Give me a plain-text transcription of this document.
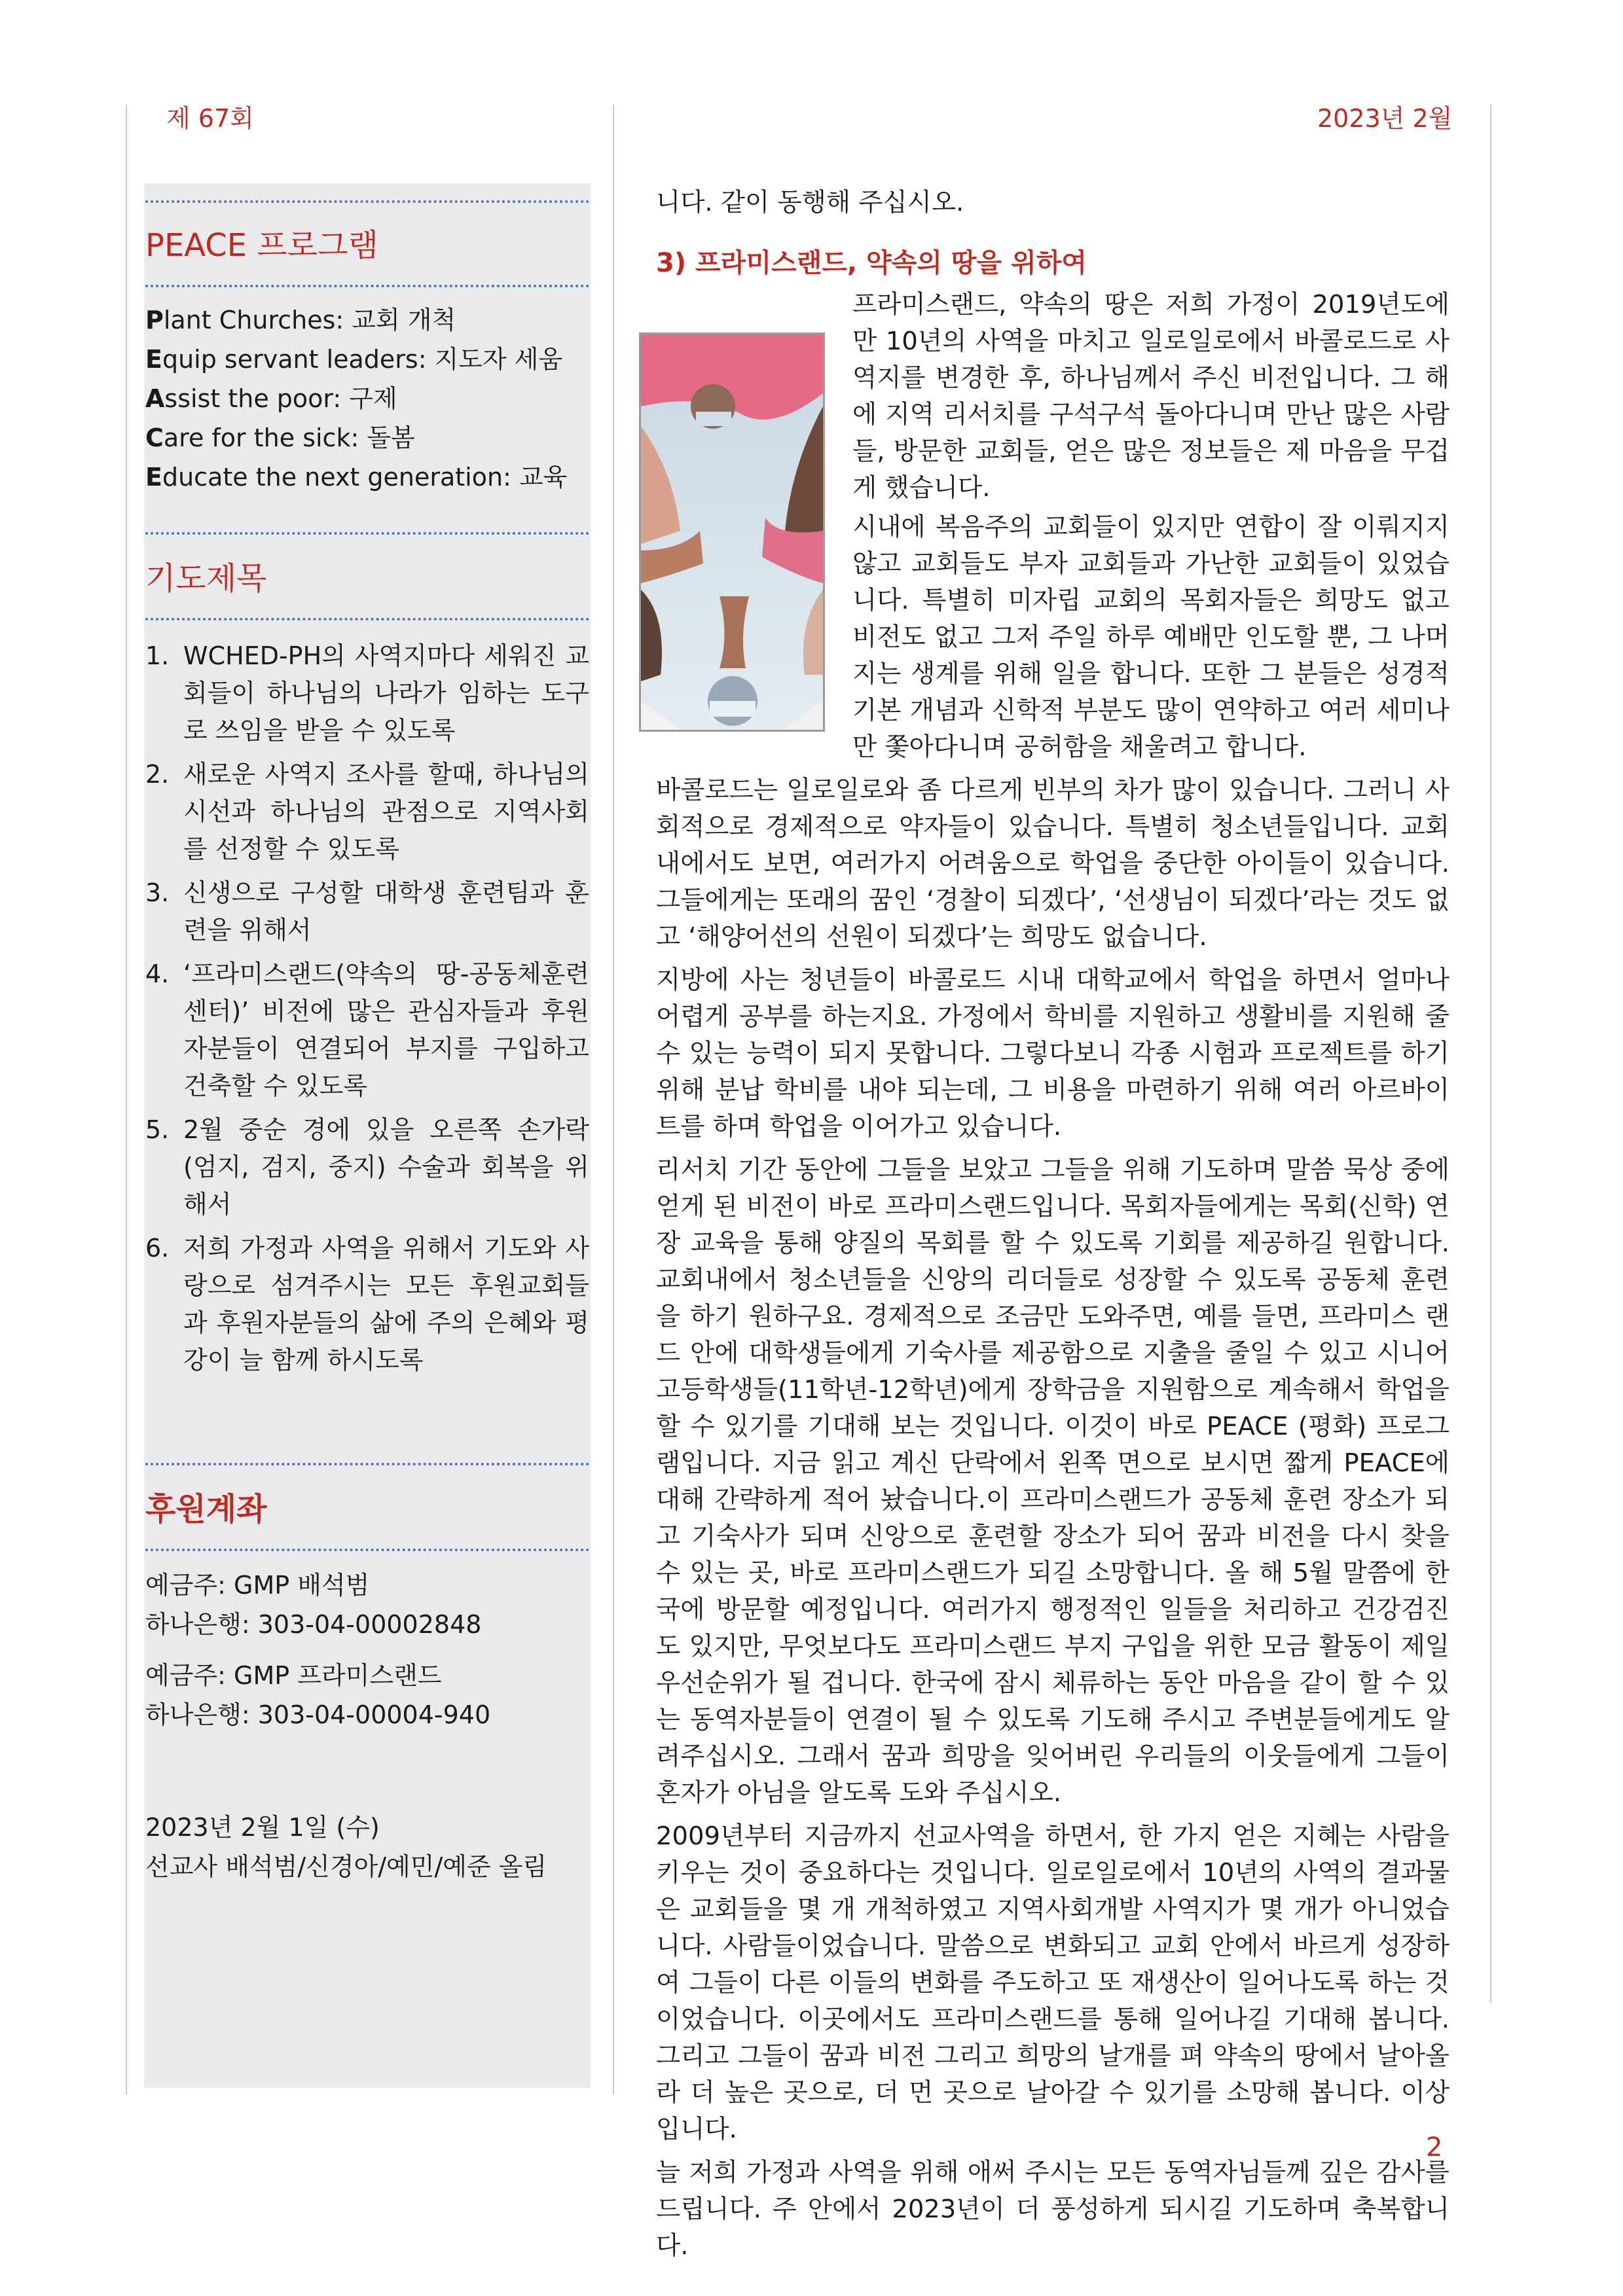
제 67회	2023년 2월
PEACE 프로그램
Plant Churches: 교회 개척
Equip servant leaders: 지도자 세움
Assist the poor: 구제
Care for the sick: 돌봄
Educate the next generation: 교육
기도제목
1. WCHED-PH의 사역지마다 세워진 교회들이 하나님의 나라가 임하는 도구로 쓰임을 받을 수 있도록
2. 새로운 사역지 조사를 할때, 하나님의 시선과 하나님의 관점으로 지역사회를 선정할 수 있도록
3. 신생으로 구성할 대학생 훈련팀과 훈련을 위해서
4. ‘프라미스랜드(약속의 땅-공동체훈련센터)’ 비전에 많은 관심자들과 후원자분들이 연결되어 부지를 구입하고 건축할 수 있도록
5. 2월 중순 경에 있을 오른쪽 손가락 (엄지, 검지, 중지) 수술과 회복을 위해서
6. 저희 가정과 사역을 위해서 기도와 사랑으로 섬겨주시는 모든 후원교회들과 후원자분들의 삶에 주의 은혜와 평강이 늘 함께 하시도록
후원계좌
예금주: GMP 배석범
하나은행: 303-04-00002848
예금주: GMP 프라미스랜드
하나은행: 303-04-00004-940
2023년 2월 1일 (수)
선교사 배석범/신경아/예민/예준 올림

니다. 같이 동행해 주십시오.

3) 프라미스랜드, 약속의 땅을 위하여

프라미스랜드, 약속의 땅은 저희 가정이 2019년도에 만 10년의 사역을 마치고 일로일로에서 바콜로드로 사역지를 변경한 후, 하나님께서 주신 비전입니다. 그 해에 지역 리서치를 구석구석 돌아다니며 만난 많은 사람들, 방문한 교회들, 얻은 많은 정보들은 제 마음을 무겁게 했습니다.

시내에 복음주의 교회들이 있지만 연합이 잘 이뤄지지 않고 교회들도 부자 교회들과 가난한 교회들이 있었습니다. 특별히 미자립 교회의 목회자들은 희망도 없고 비전도 없고 그저 주일 하루 예배만 인도할 뿐, 그 나머지는 생계를 위해 일을 합니다. 또한 그 분들은 성경적 기본 개념과 신학적 부분도 많이 연약하고 여러 세미나만 쫓아다니며 공허함을 채울려고 합니다.

바콜로드는 일로일로와 좀 다르게 빈부의 차가 많이 있습니다. 그러니 사회적으로 경제적으로 약자들이 있습니다. 특별히 청소년들입니다. 교회 내에서도 보면, 여러가지 어려움으로 학업을 중단한 아이들이 있습니다. 그들에게는 또래의 꿈인 ‘경찰이 되겠다’, ‘선생님이 되겠다’라는 것도 없고 ‘해양어선의 선원이 되겠다’는 희망도 없습니다.

지방에 사는 청년들이 바콜로드 시내 대학교에서 학업을 하면서 얼마나 어렵게 공부를 하는지요. 가정에서 학비를 지원하고 생활비를 지원해 줄 수 있는 능력이 되지 못합니다. 그렇다보니 각종 시험과 프로젝트를 하기 위해 분납 학비를 내야 되는데, 그 비용을 마련하기 위해 여러 아르바이트를 하며 학업을 이어가고 있습니다.

리서치 기간 동안에 그들을 보았고 그들을 위해 기도하며 말씀 묵상 중에 얻게 된 비전이 바로 프라미스랜드입니다. 목회자들에게는 목회(신학) 연장 교육을 통해 양질의 목회를 할 수 있도록 기회를 제공하길 원합니다. 교회내에서 청소년들을 신앙의 리더들로 성장할 수 있도록 공동체 훈련을 하기 원하구요. 경제적으로 조금만 도와주면, 예를 들면, 프라미스 랜드 안에 대학생들에게 기숙사를 제공함으로 지출을 줄일 수 있고 시니어 고등학생들(11학년-12학년)에게 장학금을 지원함으로 계속해서 학업을 할 수 있기를 기대해 보는 것입니다. 이것이 바로 PEACE (평화) 프로그램입니다. 지금 읽고 계신 단락에서 왼쪽 면으로 보시면 짧게 PEACE에 대해 간략하게 적어 놨습니다.이 프라미스랜드가 공동체 훈련 장소가 되고 기숙사가 되며 신앙으로 훈련할 장소가 되어 꿈과 비전을 다시 찾을 수 있는 곳, 바로 프라미스랜드가 되길 소망합니다. 올 해 5월 말쯤에 한국에 방문할 예정입니다. 여러가지 행정적인 일들을 처리하고 건강검진도 있지만, 무엇보다도 프라미스랜드 부지 구입을 위한 모금 활동이 제일 우선순위가 될 겁니다. 한국에 잠시 체류하는 동안 마음을 같이 할 수 있는 동역자분들이 연결이 될 수 있도록 기도해 주시고 주변분들에게도 알려주십시오. 그래서 꿈과 희망을 잊어버린 우리들의 이웃들에게 그들이 혼자가 아님을 알도록 도와 주십시오.

2009년부터 지금까지 선교사역을 하면서, 한 가지 얻은 지혜는 사람을 키우는 것이 중요하다는 것입니다. 일로일로에서 10년의 사역의 결과물은 교회들을 몇 개 개척하였고 지역사회개발 사역지가 몇 개가 아니었습니다. 사람들이었습니다. 말씀으로 변화되고 교회 안에서 바르게 성장하여 그들이 다른 이들의 변화를 주도하고 또 재생산이 일어나도록 하는 것이었습니다. 이곳에서도 프라미스랜드를 통해 일어나길 기대해 봅니다. 그리고 그들이 꿈과 비전 그리고 희망의 날개를 펴 약속의 땅에서 날아올라 더 높은 곳으로, 더 먼 곳으로 날아갈 수 있기를 소망해 봅니다. 이상입니다.

늘 저희 가정과 사역을 위해 애써 주시는 모든 동역자님들께 깊은 감사를 드립니다. 주 안에서 2023년이 더 풍성하게 되시길 기도하며 축복합니다.

2
